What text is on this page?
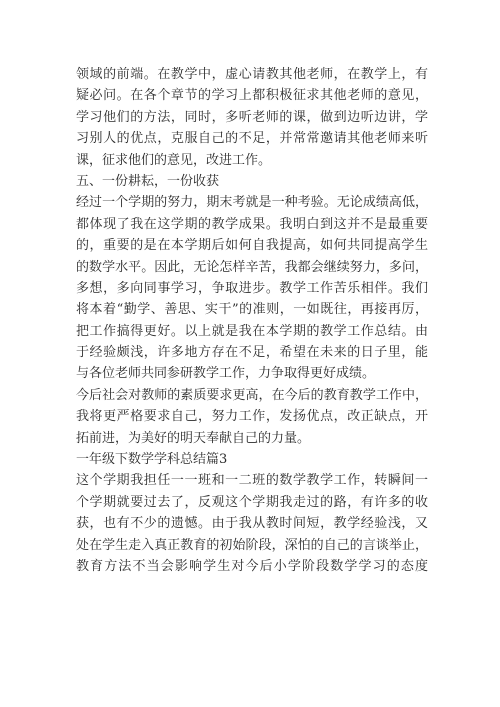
领域的前端。在教学中，虚心请教其他老师，在教学上，有
疑必问。在各个章节的学习上都积极征求其他老师的意见，
学习他们的方法，同时，多听老师的课，做到边听边讲，学
习别人的优点，克服自己的不足，并常常邀请其他老师来听
课，征求他们的意见，改进工作。
五、一份耕耘，一份收获
经过一个学期的努力，期末考就是一种考验。无论成绩高低，
都体现了我在这学期的教学成果。我明白到这并不是最重要
的，重要的是在本学期后如何自我提高，如何共同提高学生
的数学水平。因此，无论怎样辛苦，我都会继续努力，多问，
多想，多向同事学习，争取进步。教学工作苦乐相伴。我们
将本着“勤学、善思、实干”的准则，一如既往，再接再厉，
把工作搞得更好。以上就是我在本学期的教学工作总结。由
于经验颇浅，许多地方存在不足，希望在未来的日子里，能
与各位老师共同参研教学工作，力争取得更好成绩。
今后社会对教师的素质要求更高，在今后的教育教学工作中，
我将更严格要求自己，努力工作，发扬优点，改正缺点，开
拓前进，为美好的明天奉献自己的力量。
一年级下数学学科总结篇3
这个学期我担任一一班和一二班的数学教学工作，转瞬间一
个学期就要过去了，反观这个学期我走过的路，有许多的收
获，也有不少的遗憾。由于我从教时间短，教学经验浅，又
处在学生走入真正教育的初始阶段，深怕的自己的言谈举止，
教育方法不当会影响学生对今后小学阶段数学学习的态度
